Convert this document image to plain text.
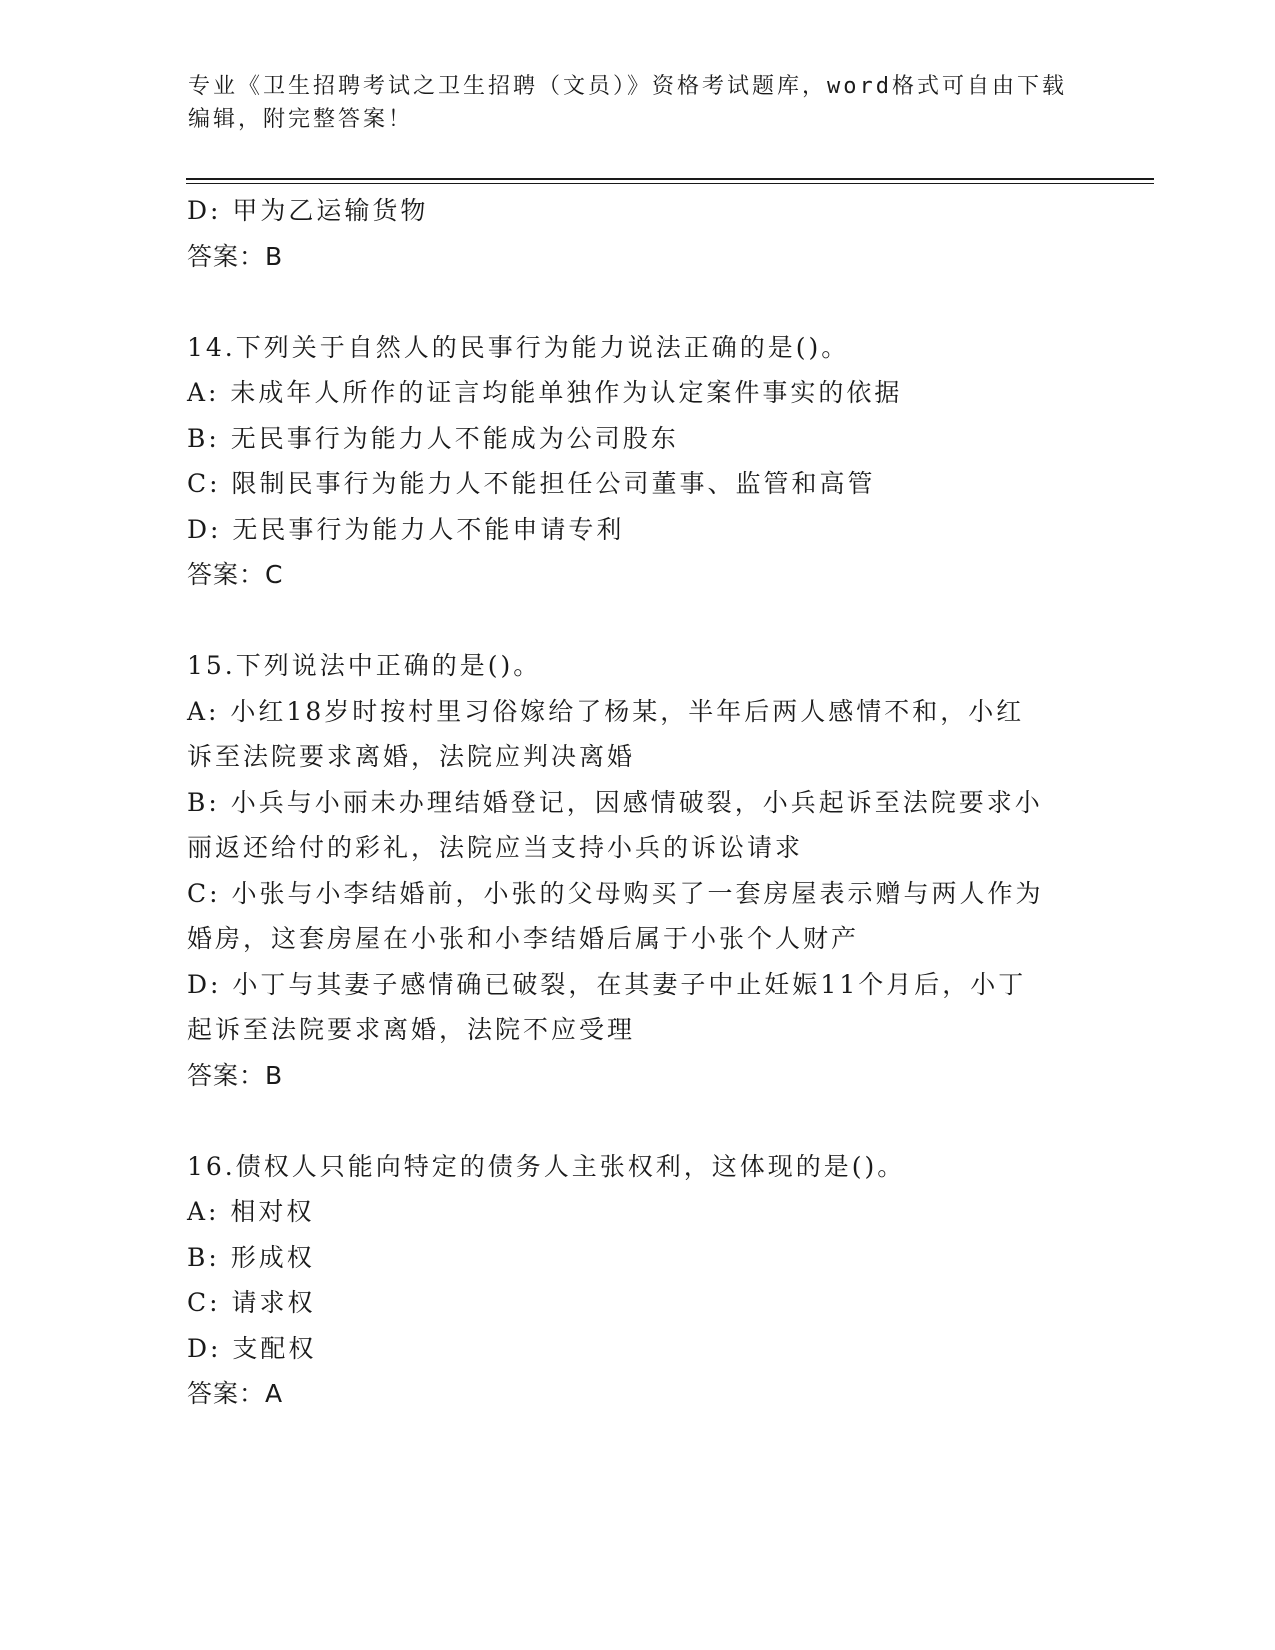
专业《卫生招聘考试之卫生招聘（文员）》资格考试题库，word格式可自由下载
编辑，附完整答案！
D: 甲为乙运输货物
答案：B
14.下列关于自然人的民事行为能力说法正确的是()。
A: 未成年人所作的证言均能单独作为认定案件事实的依据
B: 无民事行为能力人不能成为公司股东
C: 限制民事行为能力人不能担任公司董事、监管和高管
D: 无民事行为能力人不能申请专利
答案：C
15.下列说法中正确的是()。
A: 小红18岁时按村里习俗嫁给了杨某，半年后两人感情不和，小红
诉至法院要求离婚，法院应判决离婚
B: 小兵与小丽未办理结婚登记，因感情破裂，小兵起诉至法院要求小
丽返还给付的彩礼，法院应当支持小兵的诉讼请求
C: 小张与小李结婚前，小张的父母购买了一套房屋表示赠与两人作为
婚房，这套房屋在小张和小李结婚后属于小张个人财产
D: 小丁与其妻子感情确已破裂，在其妻子中止妊娠11个月后，小丁
起诉至法院要求离婚，法院不应受理
答案：B
16.债权人只能向特定的债务人主张权利，这体现的是()。
A: 相对权
B: 形成权
C: 请求权
D: 支配权
答案：A
